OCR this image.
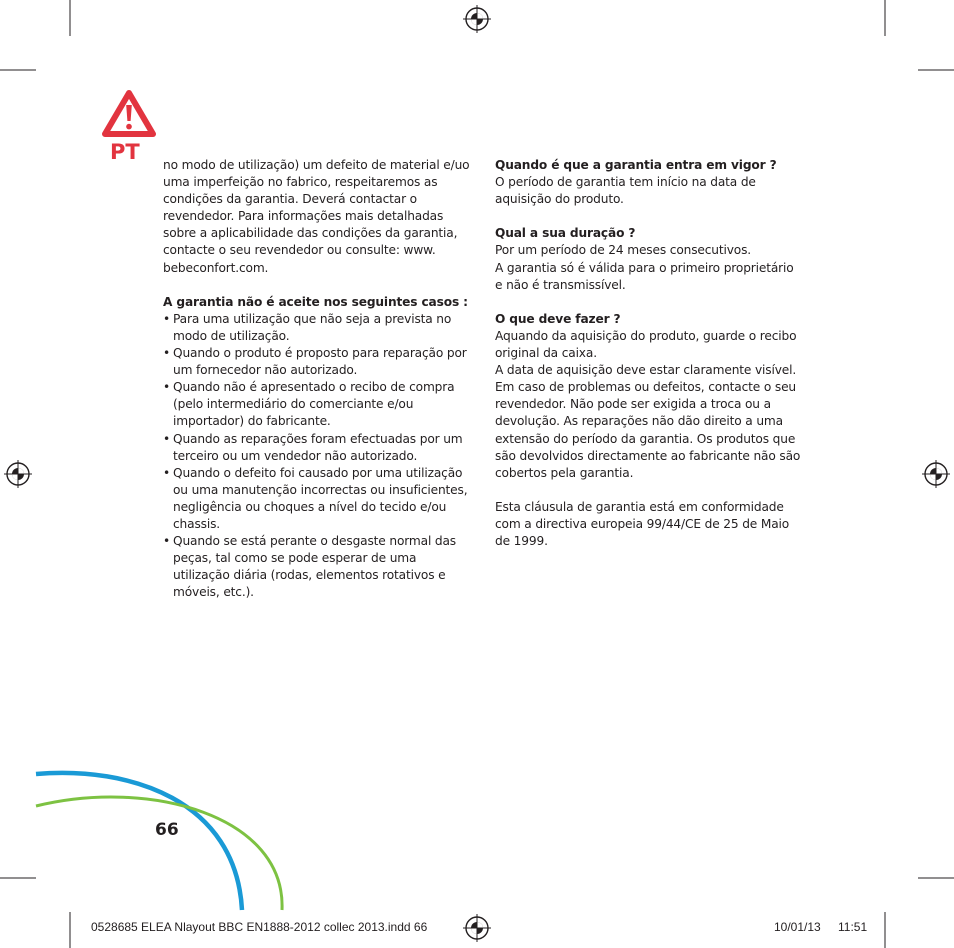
PT

no modo de utilização) um defeito de material e/uo uma imperfeição no fabrico, respeitaremos as condições da garantia. Deverá contactar o revendedor. Para informações mais detalhadas sobre a aplicabilidade das condições da garantia, contacte o seu revendedor ou consulte: www. bebeconfort.com.

A garantia não é aceite nos seguintes casos :

• Para uma utilização que não seja a prevista no modo de utilização.
• Quando o produto é proposto para reparação por um fornecedor não autorizado.
• Quando não é apresentado o recibo de compra (pelo intermediário do comerciante e/ou importador) do fabricante.
• Quando as reparações foram efectuadas por um terceiro ou um vendedor não autorizado.
• Quando o defeito foi causado por uma utilização ou uma manutenção incorrectas ou insuficientes, negligência ou choques a nível do tecido e/ou chassis.
• Quando se está perante o desgaste normal das peças, tal como se pode esperar de uma utilização diária (rodas, elementos rotativos e móveis, etc.).

Quando é que a garantia entra em vigor ?

O período de garantia tem início na data de aquisição do produto.

Qual a sua duração ?

Por um período de 24 meses consecutivos.

A garantia só é válida para o primeiro proprietário e não é transmissível.

O que deve fazer ?

Aquando da aquisição do produto, guarde o recibo original da caixa.

A data de aquisição deve estar claramente visível. Em caso de problemas ou defeitos, contacte o seu revendedor. Não pode ser exigida a troca ou a devolução. As reparações não dão direito a uma extensão do período da garantia. Os produtos que são devolvidos directamente ao fabricante não são cobertos pela garantia.

Esta cláusula de garantia está em conformidade com a directiva europeia 99/44/CE de 25 de Maio de 1999.

66
0528685 ELEA Nlayout BBC EN1888-2012 collec 2013.indd 66	10/01/13 11:51
